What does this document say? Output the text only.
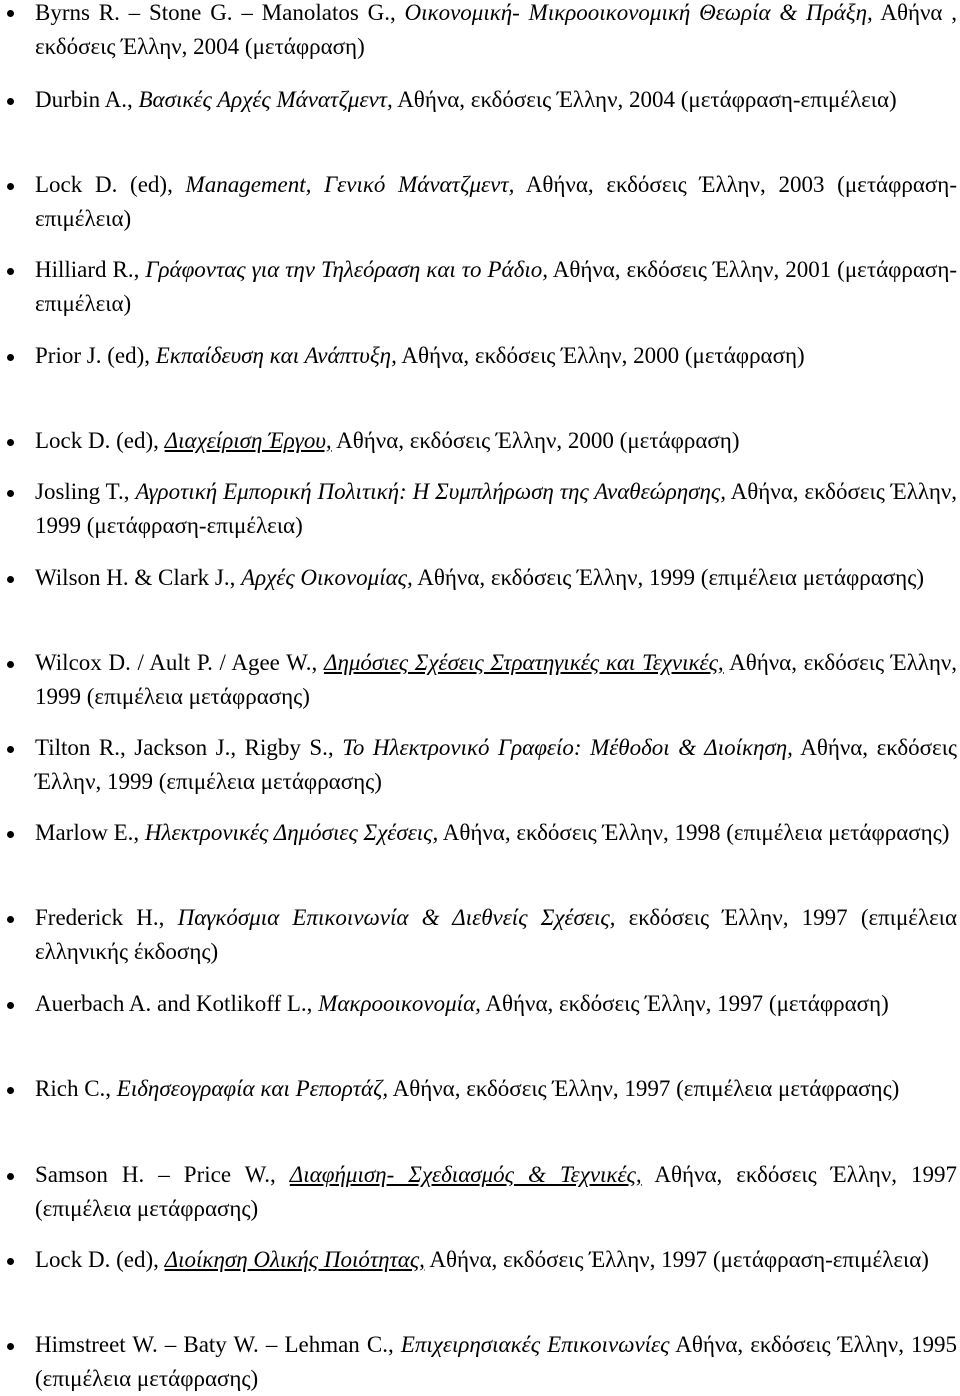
Byrns R. – Stone G. – Manolatos G., Οικονομική- Μικροοικονομική Θεωρία & Πράξη, Αθήνα , εκδόσεις Έλλην, 2004 (μετάφραση)
Durbin A., Βασικές Αρχές Μάνατζμεντ, Αθήνα, εκδόσεις Έλλην, 2004 (μετάφραση-επιμέλεια)
Lock D. (ed), Management, Γενικό Μάνατζμεντ, Αθήνα, εκδόσεις Έλλην, 2003 (μετάφραση- επιμέλεια)
Hilliard R., Γράφοντας για την Τηλεόραση και το Ράδιο, Αθήνα, εκδόσεις Έλλην, 2001 (μετάφραση- επιμέλεια)
Prior J. (ed), Εκπαίδευση και Ανάπτυξη, Αθήνα, εκδόσεις Έλλην, 2000 (μετάφραση)
Lock D. (ed), Διαχείριση Έργου, Αθήνα, εκδόσεις Έλλην, 2000 (μετάφραση)
Josling T., Αγροτική Εμπορική Πολιτική: Η Συμπλήρωση της Αναθεώρησης, Αθήνα, εκδόσεις Έλλην, 1999 (μετάφραση-επιμέλεια)
Wilson H. & Clark J., Αρχές Οικονομίας, Αθήνα, εκδόσεις Έλλην, 1999 (επιμέλεια μετάφρασης)
Wilcox D. / Ault P. / Agee W., Δημόσιες Σχέσεις Στρατηγικές και Τεχνικές, Αθήνα, εκδόσεις Έλλην, 1999 (επιμέλεια μετάφρασης)
Tilton R., Jackson J., Rigby S., Το Ηλεκτρονικό Γραφείο: Μέθοδοι & Διοίκηση, Αθήνα, εκδόσεις Έλλην, 1999 (επιμέλεια μετάφρασης)
Marlow E., Ηλεκτρονικές Δημόσιες Σχέσεις, Αθήνα, εκδόσεις Έλλην, 1998 (επιμέλεια μετάφρασης)
Frederick H., Παγκόσμια Επικοινωνία & Διεθνείς Σχέσεις, εκδόσεις Έλλην, 1997 (επιμέλεια ελληνικής έκδοσης)
Auerbach A. and Kotlikoff L., Μακροοικονομία, Αθήνα, εκδόσεις Έλλην, 1997 (μετάφραση)
Rich C., Ειδησεογραφία και Ρεπορτάζ, Αθήνα, εκδόσεις Έλλην, 1997 (επιμέλεια μετάφρασης)
Samson H. – Price W., Διαφήμιση- Σχεδιασμός & Τεχνικές, Αθήνα, εκδόσεις Έλλην, 1997 (επιμέλεια μετάφρασης)
Lock D. (ed), Διοίκηση Ολικής Ποιότητας, Αθήνα, εκδόσεις Έλλην, 1997 (μετάφραση-επιμέλεια)
Himstreet W. – Baty W. – Lehman C., Επιχειρησιακές Επικοινωνίες Αθήνα, εκδόσεις Έλλην, 1995 (επιμέλεια μετάφρασης)
